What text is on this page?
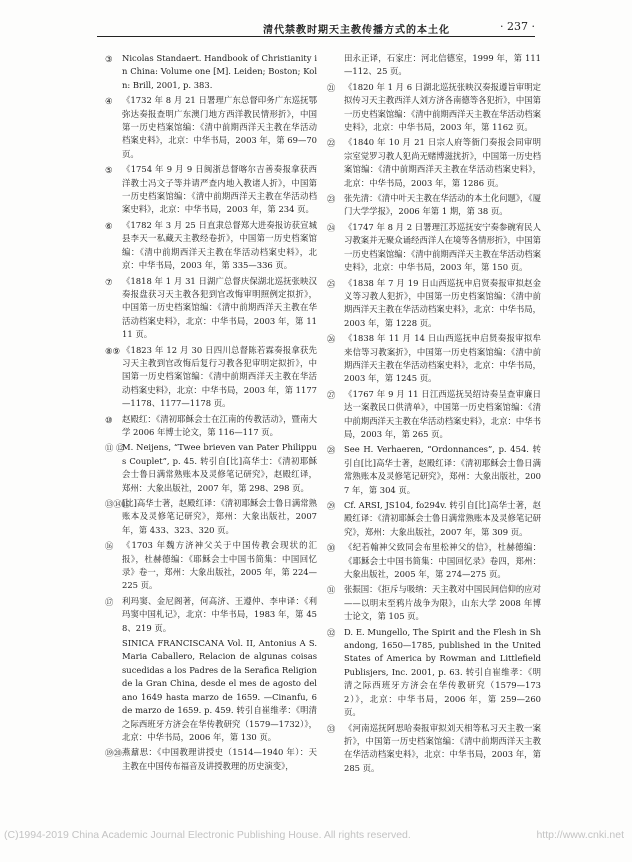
清代禁教时期天主教传播方式的本土化	· 237 ·
③ Nicolas Standaert. Handbook of Christianity in China: Volume one [M]. Leiden; Boston; Koln: Brill, 2001, p. 383.
④ 《1732 年 8 月 21 日署理广东总督印务广东巡抚鄂弥达奏报查明广东澳门地方西洋教民情形折》，中国第一历史档案馆编：《清中前期西洋天主教在华活动档案史料》，北京：中华书局，2003 年，第 69—70 页。
⑤ 《1754 年 9 月 9 日闽浙总督喀尔吉善奏报拿获西洋教士冯文子等并请严查内地入教诸人折》，中国第一历史档案馆编：《清中前期西洋天主教在华活动档案史料》，北京：中华书局，2003 年，第 234 页。
⑥ 《1782 年 3 月 25 日直隶总督郑大进奏报访获宣城县李天一私藏天主教经卷折》，中国第一历史档案馆编：《清中前期西洋天主教在华活动档案史料》，北京：中华书局，2003 年，第 335—336 页。
⑦ 《1818 年 1 月 31 日湖广总督庆保湖北巡抚张映汉奏报盘获习天主教各犯到官改悔审明照例定拟折》，中国第一历史档案馆编：《清中前期西洋天主教在华活动档案史料》，北京：中华书局，2003 年，第 1111 页。
⑧⑨ 《1823 年 12 月 30 日四川总督陈若霖奏报拿获先习天主教到官改悔后复行习教各犯审明定拟折》，中国第一历史档案馆编：《清中前期西洋天主教在华活动档案史料》，北京：中华书局，2003 年，第 1177—1178、1177—1178 页。
⑩ 赵殿红：《清初耶稣会士在江南的传教活动》，暨南大学 2006 年博士论文，第 116—117 页。
⑪ ⑫
M. Neijens, “Twee brieven van Pater Philippus Couplet”, p. 45. 转引自[比]高华士：《清初耶稣会士鲁日满常熟账本及灵修笔记研究》，赵殿红译，郑州：大象出版社，2007 年，第 298、298 页。
⑬⑭⑮
[比]高华士著，赵殿红译：《清初耶稣会士鲁日满常熟账本及灵修笔记研究》，郑州：大象出版社，2007 年，第 433、323、320 页。
⑯ 《1703 年魏方济神父关于中国传教会现状的汇报》，杜赫德编：《耶稣会士中国书简集：中国回忆录》卷一，郑州：大象出版社，2005 年，第 224—225 页。
⑰ 利玛窦、金尼阁著，何高济、王遵仲、李申译：《利玛窦中国札记》，北京：中华书局，1983 年，第 458、219 页。
SINICA FRANCISCANA Vol. II, Antonius A S. Maria Caballero, Relacion de algunas coisas sucedidas a los Padres de la Serafica Religion de la Gran China, desde el mes de agosto del ano 1649 hasta marzo de 1659. —Cinanfu, 6 de marzo de 1659. p. 459. 转引自崔维孝：《明清之际西班牙方济会在华传教研究（1579—1732）》，北京：中华书局，2006 年，第 130 页。
⑲⑳ 燕鼐思：《中国教理讲授史（1514—1940 年）：天主教在中国传布福音及讲授教理的历史演变》，
田永正译，石家庄：河北信德室，1999 年，第 111—112、25 页。
㉑ 《1820 年 1 月 6 日湖北巡抚张映汉奏报遵旨审明定拟传习天主教西洋人刘方济各南德等各犯折》，中国第一历史档案馆编：《清中前期西洋天主教在华活动档案史料》，北京：中华书局，2003 年，第 1162 页。
㉒ 《1840 年 10 月 21 日宗人府等衙门奏报会同审明宗室觉罗习教人犯尚无赌博滋扰折》，中国第一历史档案馆编：《清中前期西洋天主教在华活动档案史料》，北京：中华书局，2003 年，第 1286 页。
㉓ 张先清：《清中叶天主教在华活动的本土化问题》，《厦门大学学报》，2006 年第 1 期，第 38 页。
㉔ 《1747 年 8 月 2 日署理江苏巡抚安宁奏参碗宥民人习教案并无聚众诵经西洋人在境等各情形折》，中国第一历史档案馆编：《清中前期西洋天主教在华活动档案史料》，北京：中华书局，2003 年，第 150 页。
㉕ 《1838 年 7 月 19 日山西巡抚申启贤奏报审拟赵金义等习教人犯折》，中国第一历史档案馆编：《清中前期西洋天主教在华活动档案史料》，北京：中华书局，2003 年，第 1228 页。
㉖ 《1838 年 11 月 14 日山西巡抚申启贤奏报审拟牟来信等习教案折》，中国第一历史档案馆编：《清中前期西洋天主教在华活动档案史料》，北京：中华书局，2003 年，第 1245 页。
㉗ 《1767 年 9 月 11 日江西巡抚吴绍诗奏呈查审廉日达一案教民口供清单》，中国第一历史档案馆编：《清中前期西洋天主教在华活动档案史料》，北京：中华书局，2003 年，第 265 页。
㉘ See H. Verhaeren, “Ordonnances”, p. 454. 转引自[比]高华士著，赵殿红译：《清初耶稣会士鲁日满常熟账本及灵修笔记研究》，郑州：大象出版社，2007 年，第 304 页。
㉙ Cf. ARSI, JS104, fo294v. 转引自[比]高华士著，赵殿红译：《清初耶稣会士鲁日满常熟账本及灵修笔记研究》，郑州：大象出版社，2007 年，第 309 页。
㉚ 《纪若翰神父致同会布里松神父的信》，杜赫德编：《耶稣会士中国书简集：中国回忆录》卷四，郑州：大象出版社，2005 年，第 274—275 页。
㉛ 张振国：《拒斥与吸纳：天主教对中国民间信仰的应对——以明末至鸦片战争为限》，山东大学 2008 年博士论文，第 105 页。
㉜ D. E. Mungello, The Spirit and the Flesh in Shandong, 1650—1785, published in the United States of America by Rowman and Littlefield Publisjers, Inc. 2001, p. 63. 转引自崔维孝：《明清之际西班牙方济会在华传教研究（1579—1732）》，北京：中华书局，2006 年，第 259—260 页。
㉝ 《河南巡抚阿思哈奏报审拟刘天相等私习天主教一案折》，中国第一历史档案馆编：《清中前期西洋天主教在华活动档案史料》，北京：中华书局，2003 年，第 285 页。
(C)1994-2019 China Academic Journal Electronic Publishing House. All rights reserved.	http://www.cnki.net
